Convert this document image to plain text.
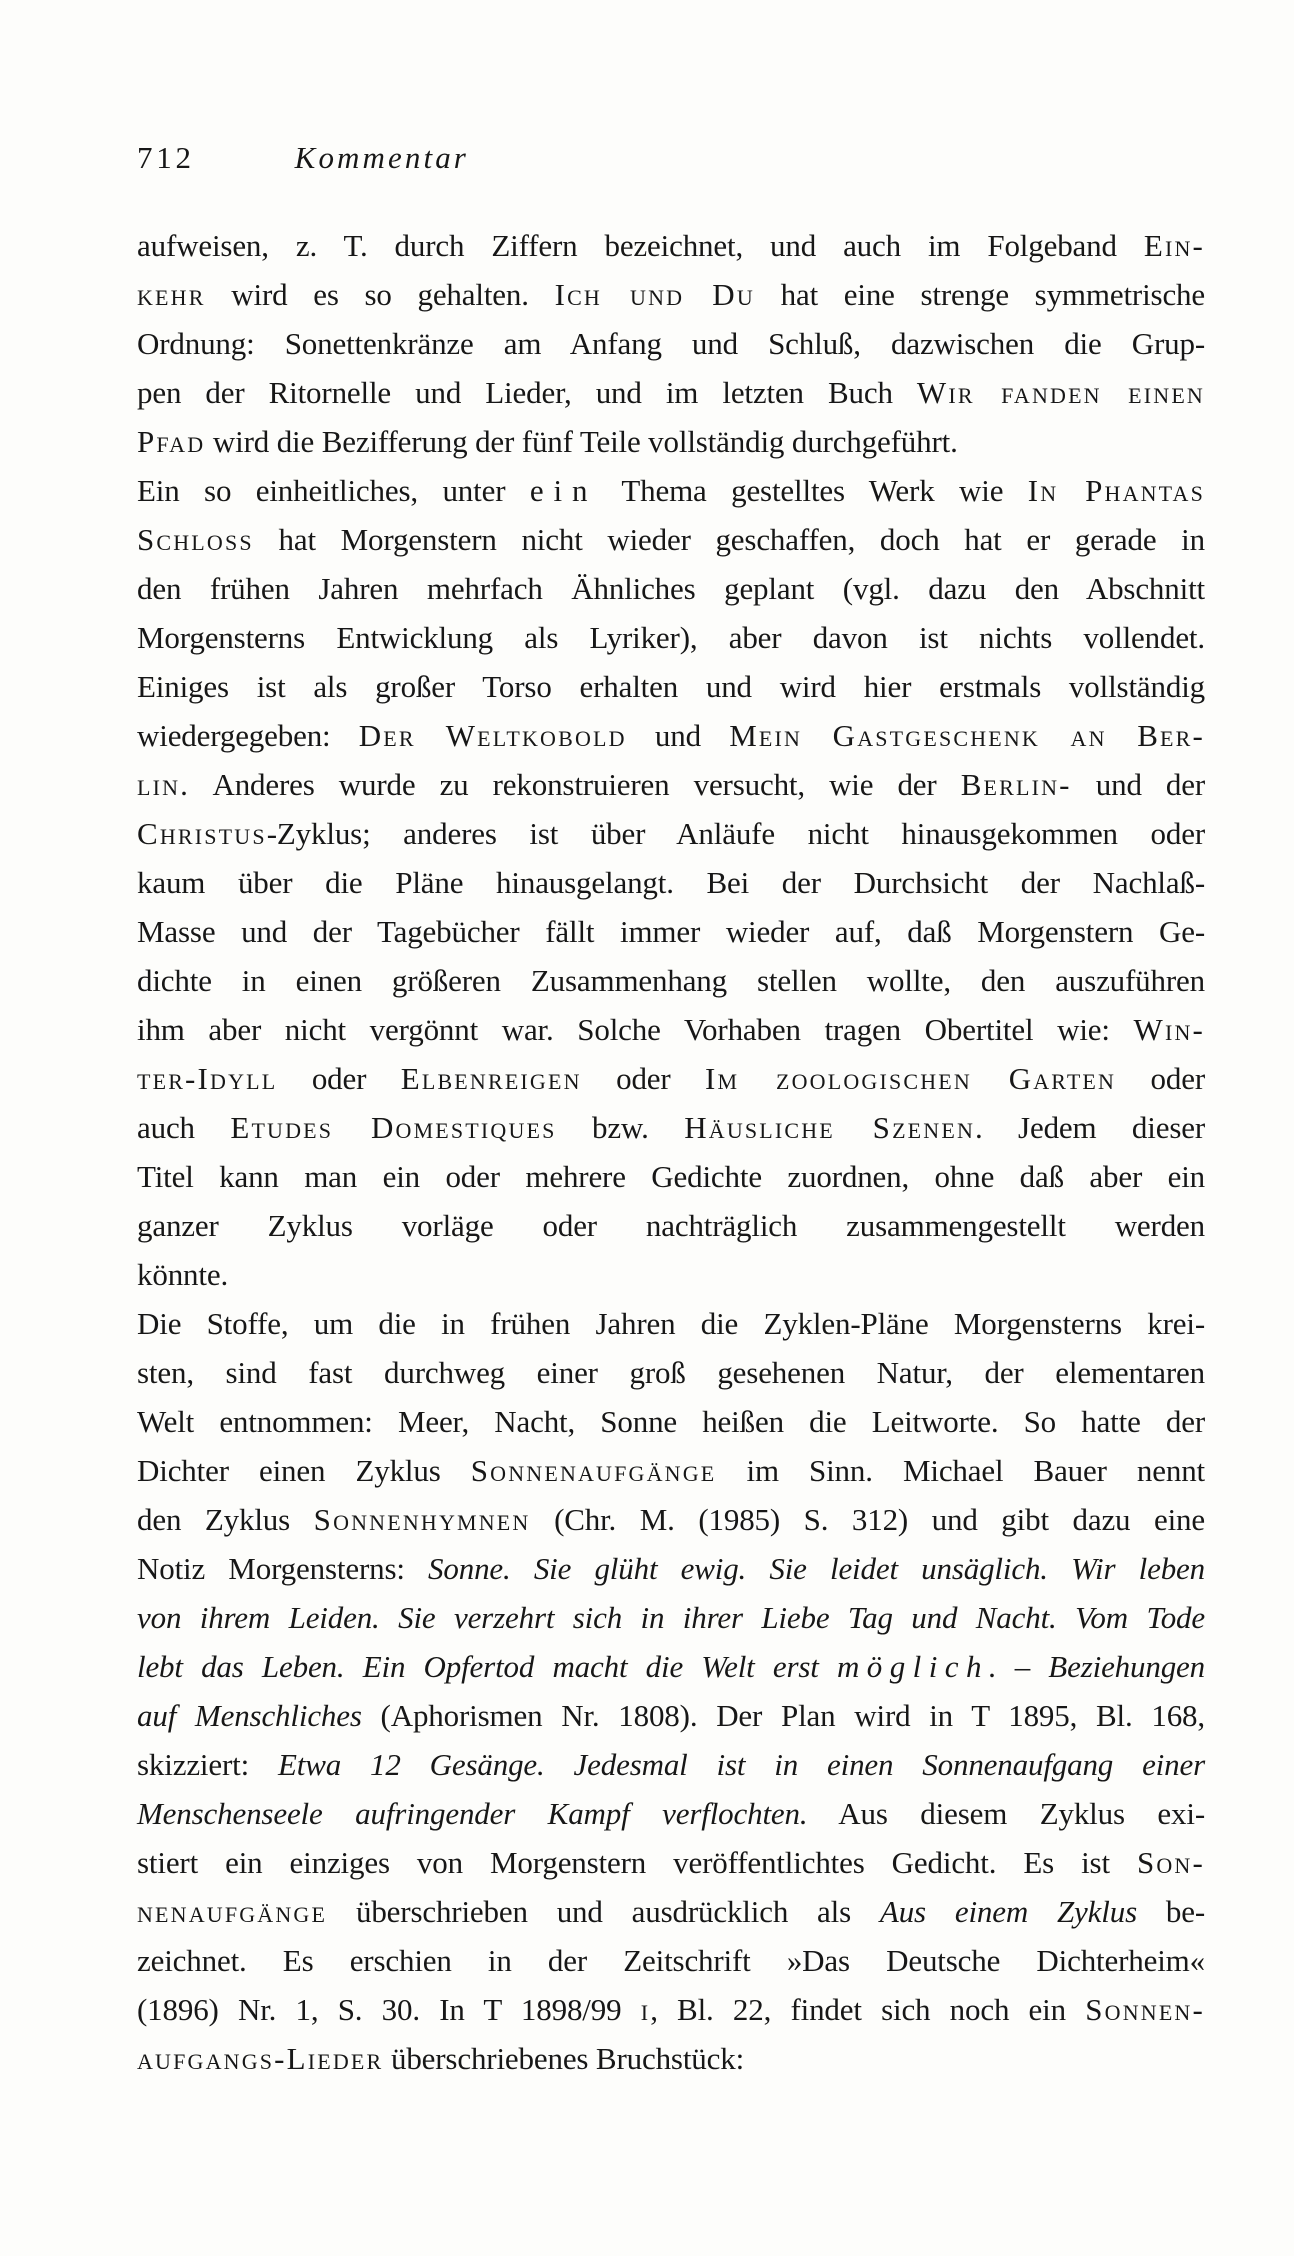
712	Kommentar
aufweisen, z. T. durch Ziffern bezeichnet, und auch im Folgeband Ein-
kehr wird es so gehalten. Ich und Du hat eine strenge symmetrische
Ordnung: Sonettenkränze am Anfang und Schluß, dazwischen die Grup-
pen der Ritornelle und Lieder, und im letzten Buch Wir fanden einen
Pfad wird die Bezifferung der fünf Teile vollständig durchgeführt.
Ein so einheitliches, unter ein Thema gestelltes Werk wie In Phantas
Schloss hat Morgenstern nicht wieder geschaffen, doch hat er gerade in
den frühen Jahren mehrfach Ähnliches geplant (vgl. dazu den Abschnitt
Morgensterns Entwicklung als Lyriker), aber davon ist nichts vollendet.
Einiges ist als großer Torso erhalten und wird hier erstmals vollständig
wiedergegeben: Der Weltkobold und Mein Gastgeschenk an Ber-
lin. Anderes wurde zu rekonstruieren versucht, wie der Berlin- und der
Christus-Zyklus; anderes ist über Anläufe nicht hinausgekommen oder
kaum über die Pläne hinausgelangt. Bei der Durchsicht der Nachlaß-
Masse und der Tagebücher fällt immer wieder auf, daß Morgenstern Ge-
dichte in einen größeren Zusammenhang stellen wollte, den auszuführen
ihm aber nicht vergönnt war. Solche Vorhaben tragen Obertitel wie: Win-
ter-Idyll oder Elbenreigen oder Im zoologischen Garten oder
auch Etudes Domestiques bzw. Häusliche Szenen. Jedem dieser
Titel kann man ein oder mehrere Gedichte zuordnen, ohne daß aber ein
ganzer Zyklus vorläge oder nachträglich zusammengestellt werden
könnte.
Die Stoffe, um die in frühen Jahren die Zyklen-Pläne Morgensterns krei-
sten, sind fast durchweg einer groß gesehenen Natur, der elementaren
Welt entnommen: Meer, Nacht, Sonne heißen die Leitworte. So hatte der
Dichter einen Zyklus Sonnenaufgänge im Sinn. Michael Bauer nennt
den Zyklus Sonnenhymnen (Chr. M. (1985) S. 312) und gibt dazu eine
Notiz Morgensterns: Sonne. Sie glüht ewig. Sie leidet unsäglich. Wir leben
von ihrem Leiden. Sie verzehrt sich in ihrer Liebe Tag und Nacht. Vom Tode
lebt das Leben. Ein Opfertod macht die Welt erst möglich. – Beziehungen
auf Menschliches (Aphorismen Nr. 1808). Der Plan wird in T 1895, Bl. 168,
skizziert: Etwa 12 Gesänge. Jedesmal ist in einen Sonnenaufgang einer
Menschenseele aufringender Kampf verflochten. Aus diesem Zyklus exi-
stiert ein einziges von Morgenstern veröffentlichtes Gedicht. Es ist Son-
nenaufgänge überschrieben und ausdrücklich als Aus einem Zyklus be-
zeichnet. Es erschien in der Zeitschrift »Das Deutsche Dichterheim«
(1896) Nr. 1, S. 30. In T 1898/99 i, Bl. 22, findet sich noch ein Sonnen-
aufgangs-Lieder überschriebenes Bruchstück:
